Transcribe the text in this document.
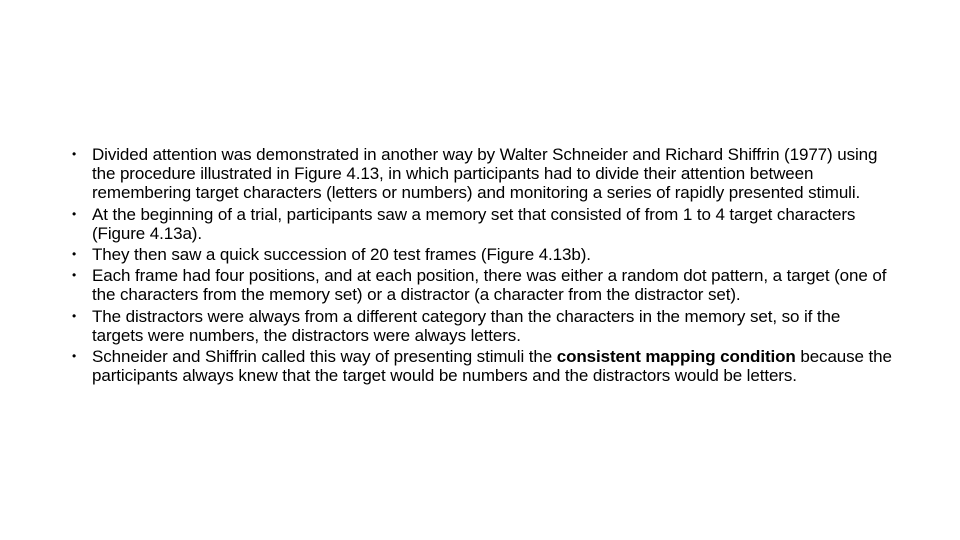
• Divided attention was demonstrated in another way by Walter Schneider and Richard Shiffrin (1977) using the procedure illustrated in Figure 4.13, in which participants had to divide their attention between remembering target characters (letters or numbers) and monitoring a series of rapidly presented stimuli.
• At the beginning of a trial, participants saw a memory set that consisted of from 1 to 4 target characters (Figure 4.13a).
• They then saw a quick succession of 20 test frames (Figure 4.13b).
• Each frame had four positions, and at each position, there was either a random dot pattern, a target (one of the characters from the memory set) or a distractor (a character from the distractor set).
• The distractors were always from a different category than the characters in the memory set, so if the targets were numbers, the distractors were always letters.
• Schneider and Shiffrin called this way of presenting stimuli the consistent mapping condition because the participants always knew that the target would be numbers and the distractors would be letters.
